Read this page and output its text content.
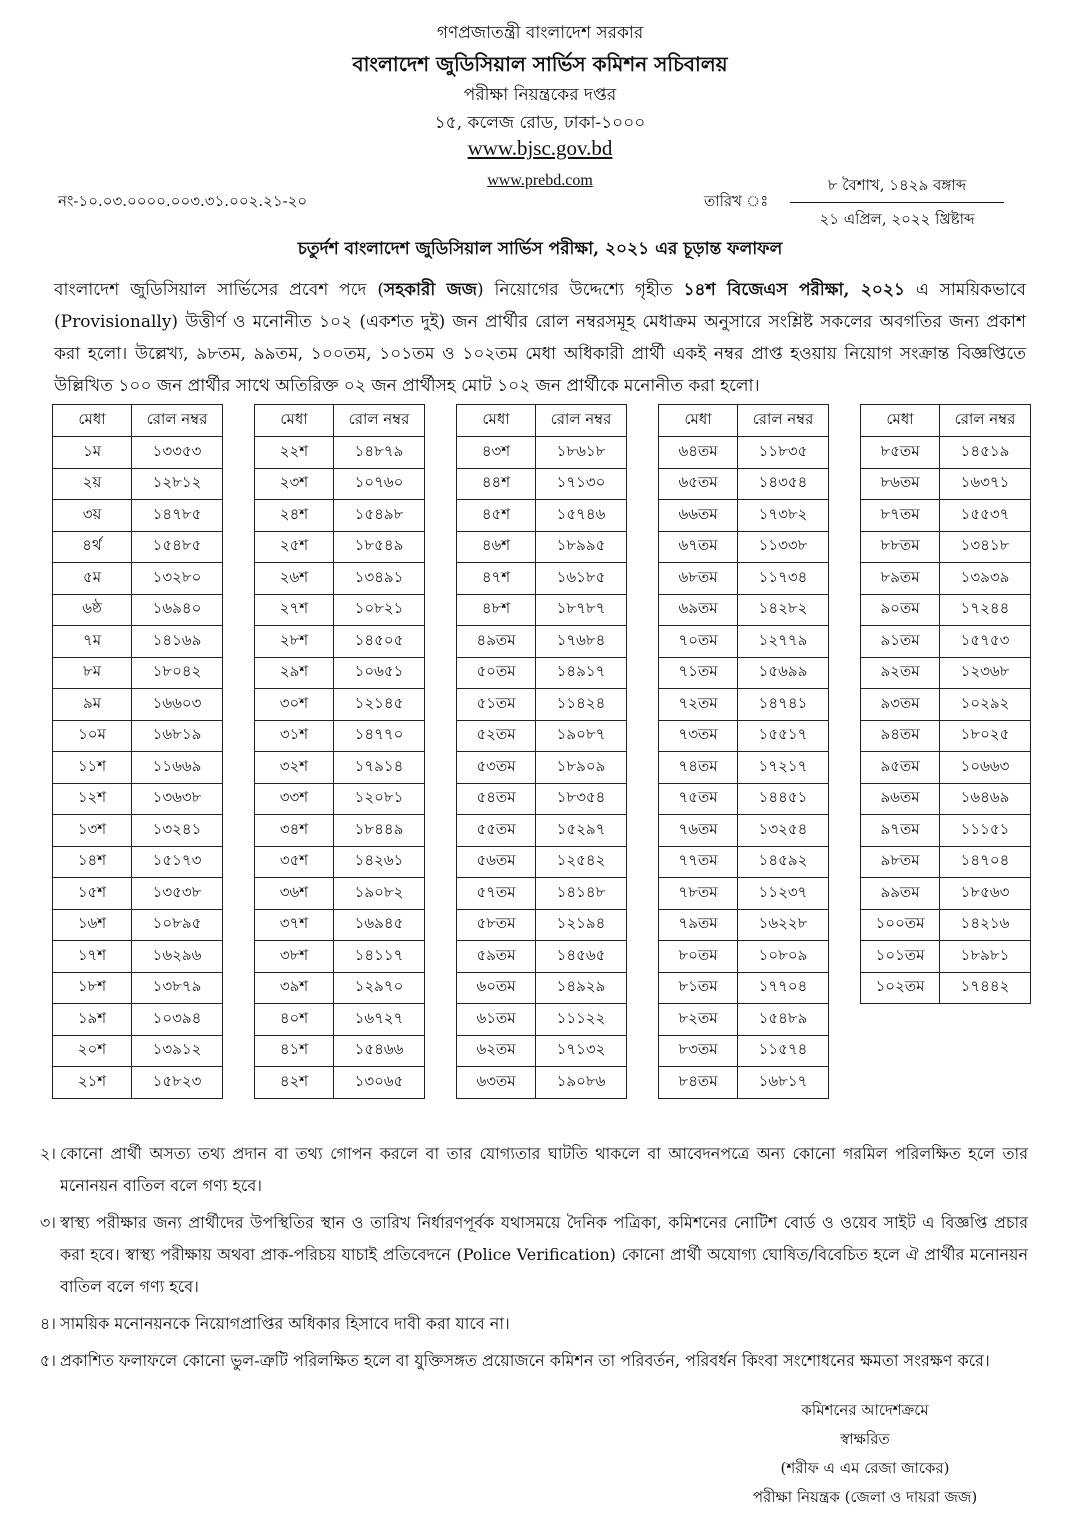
গণপ্রজাতন্ত্রী বাংলাদেশ সরকার
বাংলাদেশ জুডিসিয়াল সার্ভিস কমিশন সচিবালয়
পরীক্ষা নিয়ন্ত্রকের দপ্তর
১৫, কলেজ রোড, ঢাকা-১০০০
www.bjsc.gov.bd
www.prebd.com
নং-১০.০৩.০০০০.০০৩.৩১.০০২.২১-২০	তারিখ ঃ
৮ বৈশাখ, ১৪২৯ বঙ্গাব্দ
২১ এপ্রিল, ২০২২ খ্রিষ্টাব্দ
চতুর্দশ বাংলাদেশ জুডিসিয়াল সার্ভিস পরীক্ষা, ২০২১ এর চূড়ান্ত ফলাফল
বাংলাদেশ জুডিসিয়াল সার্ভিসের প্রবেশ পদে (সহকারী জজ) নিয়োগের উদ্দেশ্যে গৃহীত ১৪শ বিজেএস পরীক্ষা, ২০২১ এ সাময়িকভাবে (Provisionally) উত্তীর্ণ ও মনোনীত ১০২ (একশত দুই) জন প্রার্থীর রোল নম্বরসমূহ মেধাক্রম অনুসারে সংশ্লিষ্ট সকলের অবগতির জন্য প্রকাশ করা হলো। উল্লেখ্য, ৯৮তম, ৯৯তম, ১০০তম, ১০১তম ও ১০২তম মেধা অধিকারী প্রার্থী একই নম্বর প্রাপ্ত হওয়ায় নিয়োগ সংক্রান্ত বিজ্ঞপ্তিতে উল্লিখিত ১০০ জন প্রার্থীর সাথে অতিরিক্ত ০২ জন প্রার্থীসহ মোট ১০২ জন প্রার্থীকে মনোনীত করা হলো।
মেধা	রোল নম্বর
১ম	১৩৩৫৩
২য়	১২৮১২
৩য়	১৪৭৮৫
৪র্থ	১৫৪৮৫
৫ম	১৩২৮০
৬ষ্ঠ	১৬৯৪০
৭ম	১৪১৬৯
৮ম	১৮০৪২
৯ম	১৬৬০৩
১০ম	১৬৮১৯
১১শ	১১৬৬৯
১২শ	১৩৬৩৮
১৩শ	১৩২৪১
১৪শ	১৫১৭৩
১৫শ	১৩৫৩৮
১৬শ	১০৮৯৫
১৭শ	১৬২৯৬
১৮শ	১৩৮৭৯
১৯শ	১০৩৯৪
২০শ	১৩৯১২
২১শ	১৫৮২৩
মেধা	রোল নম্বর
২২শ	১৪৮৭৯
২৩শ	১০৭৬০
২৪শ	১৫৪৯৮
২৫শ	১৮৫৪৯
২৬শ	১৩৪৯১
২৭শ	১০৮২১
২৮শ	১৪৫০৫
২৯শ	১০৬৫১
৩০শ	১২১৪৫
৩১শ	১৪৭৭০
৩২শ	১৭৯১৪
৩৩শ	১২০৮১
৩৪শ	১৮৪৪৯
৩৫শ	১৪২৬১
৩৬শ	১৯০৮২
৩৭শ	১৬৯৪৫
৩৮শ	১৪১১৭
৩৯শ	১২৯৭০
৪০শ	১৬৭২৭
৪১শ	১৫৪৬৬
৪২শ	১৩০৬৫
মেধা	রোল নম্বর
৪৩শ	১৮৬১৮
৪৪শ	১৭১৩০
৪৫শ	১৫৭৪৬
৪৬শ	১৮৯৯৫
৪৭শ	১৬১৮৫
৪৮শ	১৮৭৮৭
৪৯তম	১৭৬৮৪
৫০তম	১৪৯১৭
৫১তম	১১৪২৪
৫২তম	১৯০৮৭
৫৩তম	১৮৯০৯
৫৪তম	১৮৩৫৪
৫৫তম	১৫২৯৭
৫৬তম	১২৫৪২
৫৭তম	১৪১৪৮
৫৮তম	১২১৯৪
৫৯তম	১৪৫৬৫
৬০তম	১৪৯২৯
৬১তম	১১১২২
৬২তম	১৭১৩২
৬৩তম	১৯০৮৬
মেধা	রোল নম্বর
৬৪তম	১১৮৩৫
৬৫তম	১৪৩৫৪
৬৬তম	১৭৩৮২
৬৭তম	১১৩৩৮
৬৮তম	১১৭৩৪
৬৯তম	১৪২৮২
৭০তম	১২৭৭৯
৭১তম	১৫৬৯৯
৭২তম	১৪৭৪১
৭৩তম	১৫৫১৭
৭৪তম	১৭২১৭
৭৫তম	১৪৪৫১
৭৬তম	১৩২৫৪
৭৭তম	১৪৫৯২
৭৮তম	১১২৩৭
৭৯তম	১৬২২৮
৮০তম	১০৮০৯
৮১তম	১৭৭০৪
৮২তম	১৫৪৮৯
৮৩তম	১১৫৭৪
৮৪তম	১৬৮১৭
মেধা	রোল নম্বর
৮৫তম	১৪৫১৯
৮৬তম	১৬৩৭১
৮৭তম	১৫৫৩৭
৮৮তম	১৩৪১৮
৮৯তম	১৩৯৩৯
৯০তম	১৭২৪৪
৯১তম	১৫৭৫৩
৯২তম	১২৩৬৮
৯৩তম	১০২৯২
৯৪তম	১৮০২৫
৯৫তম	১০৬৬৩
৯৬তম	১৬৪৬৯
৯৭তম	১১১৫১
৯৮তম	১৪৭০৪
৯৯তম	১৮৫৬৩
১০০তম	১৪২১৬
১০১তম	১৮৯৮১
১০২তম	১৭৪৪২
২। কোনো প্রার্থী অসত্য তথ্য প্রদান বা তথ্য গোপন করলে বা তার যোগ্যতার ঘাটতি থাকলে বা আবেদনপত্রে অন্য কোনো গরমিল পরিলক্ষিত হলে তার মনোনয়ন বাতিল বলে গণ্য হবে।
৩। স্বাস্থ্য পরীক্ষার জন্য প্রার্থীদের উপস্থিতির স্থান ও তারিখ নির্ধারণপূর্বক যথাসময়ে দৈনিক পত্রিকা, কমিশনের নোটিশ বোর্ড ও ওয়েব সাইট এ বিজ্ঞপ্তি প্রচার করা হবে। স্বাস্থ্য পরীক্ষায় অথবা প্রাক-পরিচয় যাচাই প্রতিবেদনে (Police Verification) কোনো প্রার্থী অযোগ্য ঘোষিত/বিবেচিত হলে ঐ প্রার্থীর মনোনয়ন বাতিল বলে গণ্য হবে।
৪। সাময়িক মনোনয়নকে নিয়োগপ্রাপ্তির অধিকার হিসাবে দাবী করা যাবে না।
৫। প্রকাশিত ফলাফলে কোনো ভুল-ত্রুটি পরিলক্ষিত হলে বা যুক্তিসঙ্গত প্রয়োজনে কমিশন তা পরিবর্তন, পরিবর্ধন কিংবা সংশোধনের ক্ষমতা সংরক্ষণ করে।
কমিশনের আদেশক্রমে
স্বাক্ষরিত
(শরীফ এ এম রেজা জাকের)
পরীক্ষা নিয়ন্ত্রক (জেলা ও দায়রা জজ)
